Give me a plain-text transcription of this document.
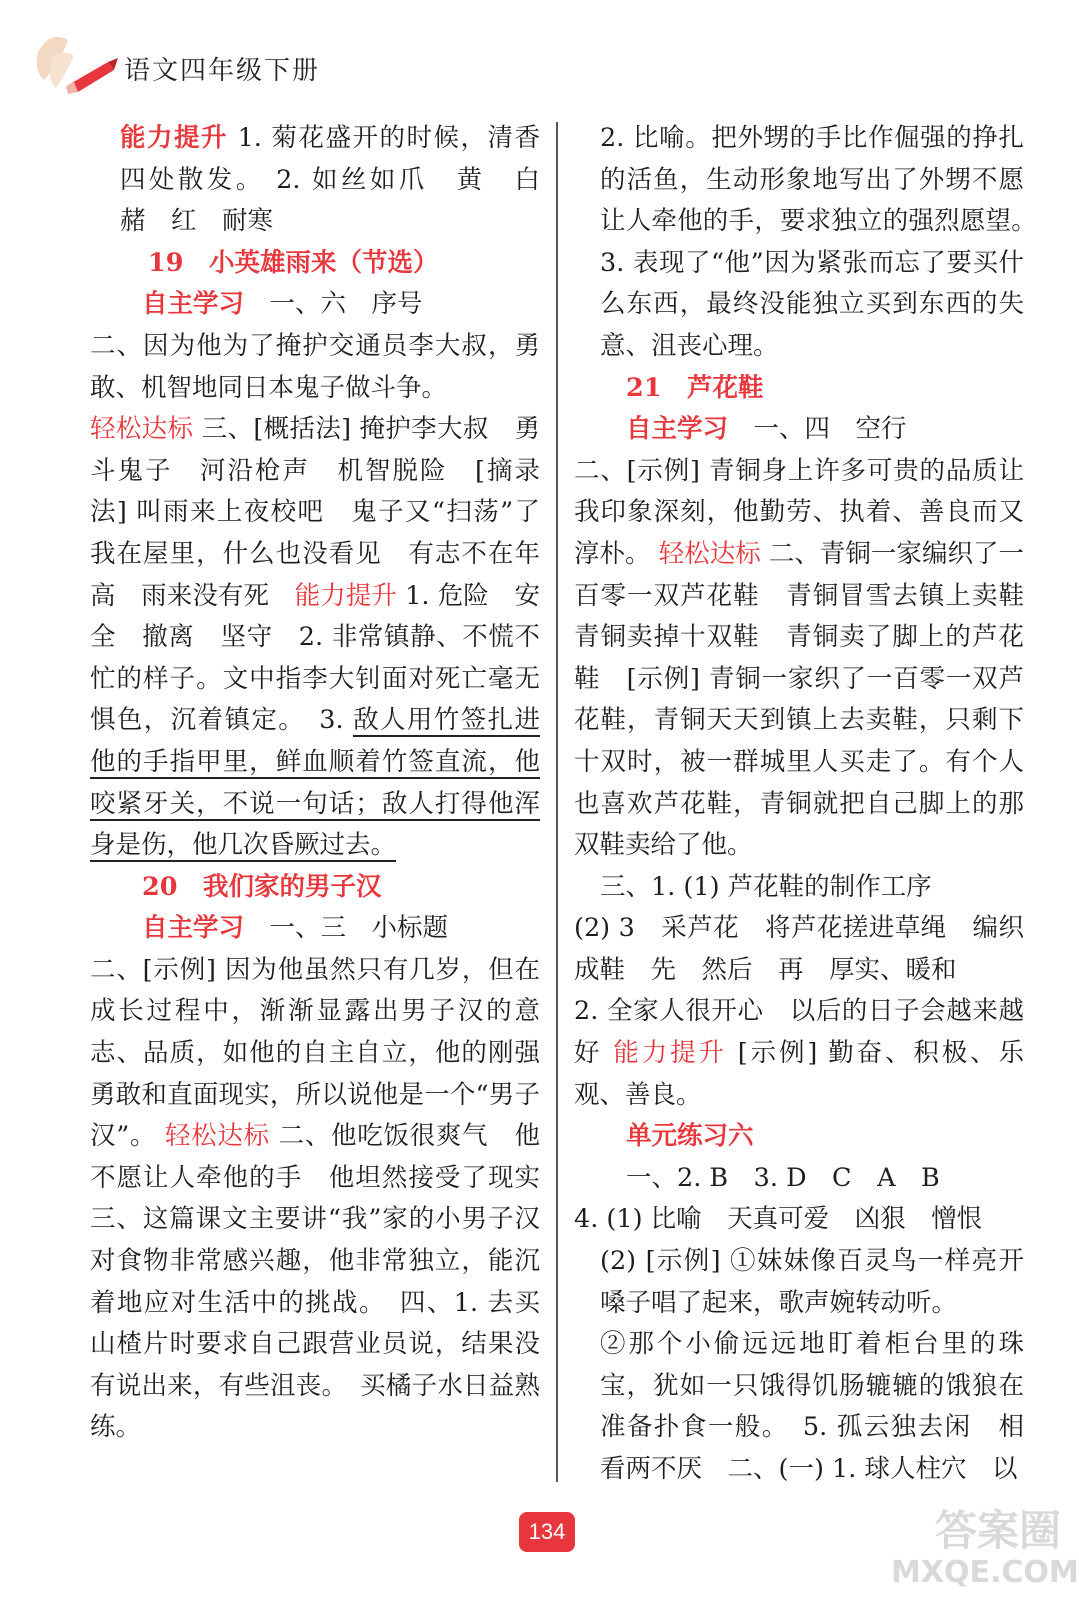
语文四年级下册

能力提升 1. 菊花盛开的时候，清香四处散发。 2. 如丝如爪　黄　白　赭　红　耐寒

19　 小英雄雨来（节选）

自主学习　一、六　序号

二、因为他为了掩护交通员李大叔，勇敢、机智地同日本鬼子做斗争。

轻松达标 三、[概括法] 掩护李大叔　勇斗鬼子　河沿枪声　机智脱险　[摘录法] 叫雨来上夜校吧　鬼子又“扫荡”了　我在屋里，什么也没看见　有志不在年高　雨来没有死　能力提升 1. 危险　安全　撤离　坚守　2. 非常镇静、不慌不忙的样子。文中指李大钊面对死亡毫无惧色，沉着镇定。　3. 敌人用竹签扎进他的手指甲里，鲜血顺着竹签直流，他咬紧牙关，不说一句话；敌人打得他浑身是伤，他几次昏厥过去。

20　 我们家的男子汉

自主学习　一、三　小标题

二、[示例] 因为他虽然只有几岁，但在成长过程中，渐渐显露出男子汉的意志、品质，如他的自主自立，他的刚强勇敢和直面现实，所以说他是一个“男子汉”。 轻松达标 二、他吃饭很爽气　他不愿让人牵他的手　他坦然接受了现实　三、这篇课文主要讲“我”家的小男子汉对食物非常感兴趣，他非常独立，能沉着地应对生活中的挑战。　四、1. 去买山楂片时要求自己跟营业员说，结果没有说出来，有些沮丧。　买橘子水日益熟练。

2. 比喻。把外甥的手比作倔强的挣扎的活鱼，生动形象地写出了外甥不愿让人牵他的手，要求独立的强烈愿望。　3. 表现了“他”因为紧张而忘了要买什么东西，最终没能独立买到东西的失意、沮丧心理。

21　 芦花鞋

自主学习　一、四　空行

二、[示例] 青铜身上许多可贵的品质让我印象深刻，他勤劳、执着、善良而又淳朴。 轻松达标 二、青铜一家编织了一百零一双芦花鞋　青铜冒雪去镇上卖鞋　青铜卖掉十双鞋　青铜卖了脚上的芦花鞋　[示例] 青铜一家织了一百零一双芦花鞋，青铜天天到镇上去卖鞋，只剩下十双时，被一群城里人买走了。有个人也喜欢芦花鞋，青铜就把自己脚上的那双鞋卖给了他。

三、1. (1) 芦花鞋的制作工序

(2) 3　采芦花　将芦花搓进草绳　编织成鞋　先　然后　再　厚实、暖和

2. 全家人很开心　以后的日子会越来越好 能力提升 [示例] 勤奋、积极、乐观、善良。

单元练习六

一、2. B　3. D　C　A　B

4. (1) 比喻　天真可爱　凶狠　憎恨

(2) [示例] ①妹妹像百灵鸟一样亮开嗓子唱了起来，歌声婉转动听。

②那个小偷远远地盯着柜台里的珠宝，犹如一只饿得饥肠辘辘的饿狼在准备扑食一般。　5. 孤云独去闲　相看两不厌　二、(一) 1. 球人柱穴　以

134	答案圈
MXQE.COM
